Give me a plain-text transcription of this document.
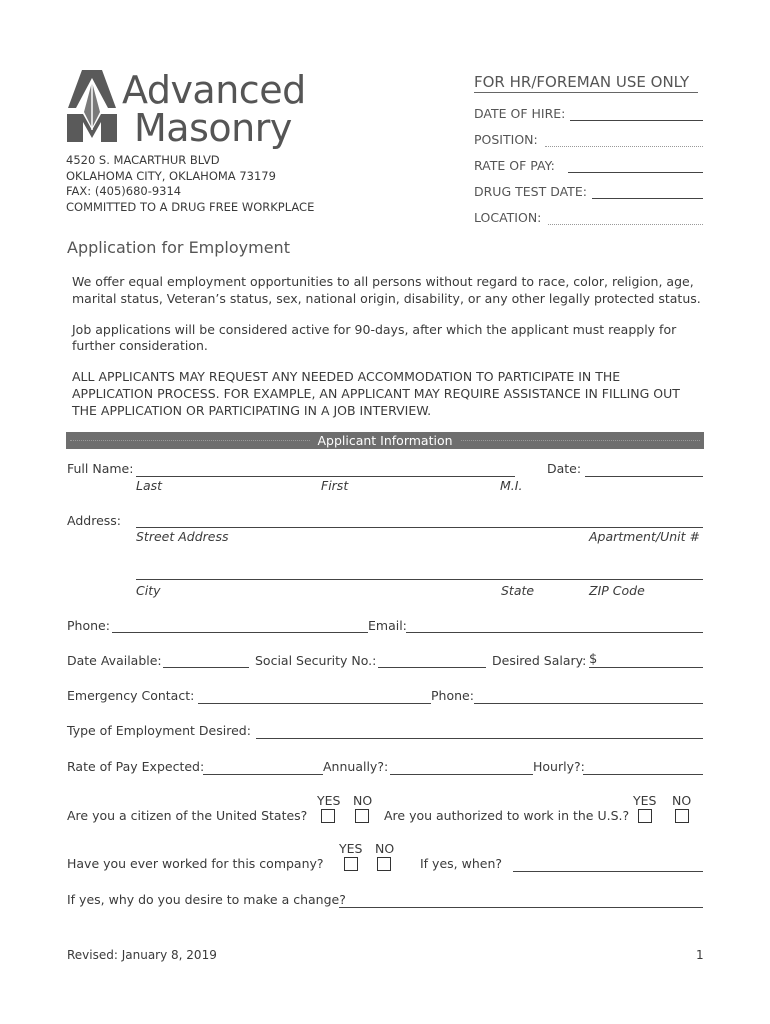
Advanced
Masonry
4520 S. MACARTHUR BLVD
OKLAHOMA CITY, OKLAHOMA 73179
FAX: (405)680-9314
COMMITTED TO A DRUG FREE WORKPLACE
FOR HR/FOREMAN USE ONLY
DATE OF HIRE:
POSITION:
RATE OF PAY:
DRUG TEST DATE:
LOCATION:
Application for Employment
We offer equal employment opportunities to all persons without regard to race, color, religion, age,
marital status, Veteran’s status, sex, national origin, disability, or any other legally protected status.
Job applications will be considered active for 90-days, after which the applicant must reapply for
further consideration.
ALL APPLICANTS MAY REQUEST ANY NEEDED ACCOMMODATION TO PARTICIPATE IN THE
APPLICATION PROCESS. FOR EXAMPLE, AN APPLICANT MAY REQUIRE ASSISTANCE IN FILLING OUT
THE APPLICATION OR PARTICIPATING IN A JOB INTERVIEW.
Applicant Information
Full Name:	Date:
Last	First	M.I.
Address:
Street Address	Apartment/Unit #
City	State	ZIP Code
Phone:	Email:
Date Available:	Social Security No.:	Desired Salary: $
Emergency Contact:	Phone:
Type of Employment Desired:
Rate of Pay Expected:	Annually?:	Hourly?:
YES NO
Are you a citizen of the United States?
YES NO
Are you authorized to work in the U.S.?
YES NO
Have you ever worked for this company?	If yes, when?
If yes, why do you desire to make a change?
Revised: January 8, 2019	1
